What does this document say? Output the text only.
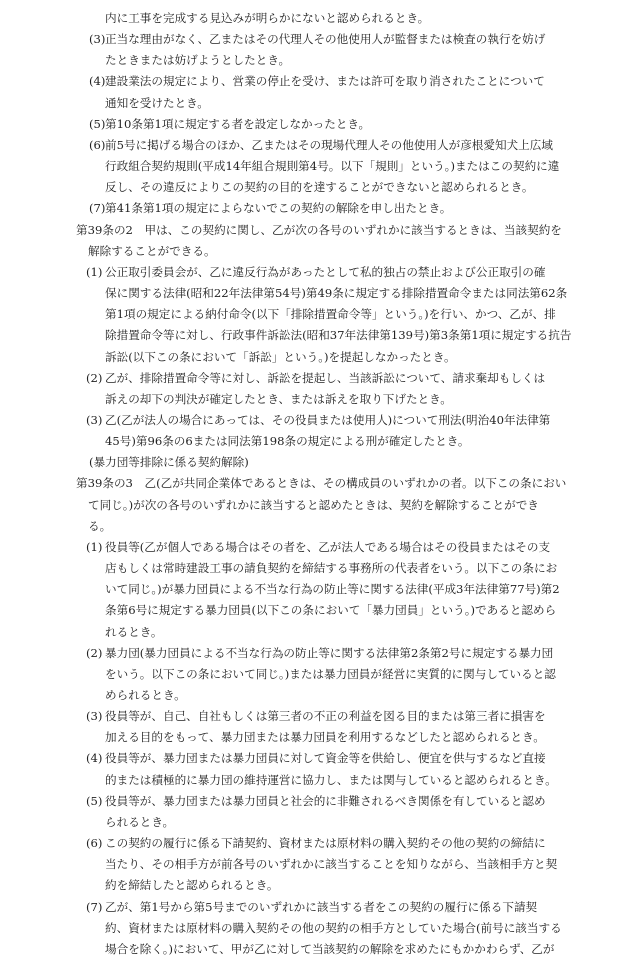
内に工事を完成する見込みが明らかにないと認められるとき。

(3) 正当な理由がなく、乙またはその代理人その他使用人が監督または検査の執行を妨げ
たときまたは妨げようとしたとき。

(4) 建設業法の規定により、営業の停止を受け、または許可を取り消されたことについて
通知を受けたとき。

(5) 第10条第1項に規定する者を設定しなかったとき。

(6) 前5号に掲げる場合のほか、乙またはその現場代理人その他使用人が彦根愛知犬上広域
行政組合契約規則(平成14年組合規則第4号。以下「規則」という。)またはこの契約に違
反し、その違反によりこの契約の目的を達することができないと認められるとき。

(7) 第41条第1項の規定によらないでこの契約の解除を申し出たとき。
第39条の2　甲は、この契約に関し、乙が次の各号のいずれかに該当するときは、当該契約を
解除することができる。

(1) 公正取引委員会が、乙に違反行為があったとして私的独占の禁止および公正取引の確
保に関する法律(昭和22年法律第54号)第49条に規定する排除措置命令または同法第62条
第1項の規定による納付命令(以下「排除措置命令等」という。)を行い、かつ、乙が、排
除措置命令等に対し、行政事件訴訟法(昭和37年法律第139号)第3条第1項に規定する抗告
訴訟(以下この条において「訴訟」という。)を提起しなかったとき。

(2) 乙が、排除措置命令等に対し、訴訟を提起し、当該訴訟について、請求棄却もしくは
訴えの却下の判決が確定したとき、または訴えを取り下げたとき。

(3) 乙(乙が法人の場合にあっては、その役員または使用人)について刑法(明治40年法律第
45号)第96条の6または同法第198条の規定による刑が確定したとき。
(暴力団等排除に係る契約解除)
第39条の3　乙(乙が共同企業体であるときは、その構成員のいずれかの者。以下この条におい
て同じ。)が次の各号のいずれかに該当すると認めたときは、契約を解除することができ
る。

(1) 役員等(乙が個人である場合はその者を、乙が法人である場合はその役員またはその支
店もしくは常時建設工事の請負契約を締結する事務所の代表者をいう。以下この条にお
いて同じ。)が暴力団員による不当な行為の防止等に関する法律(平成3年法律第77号)第2
条第6号に規定する暴力団員(以下この条において「暴力団員」という。)であると認めら
れるとき。

(2) 暴力団(暴力団員による不当な行為の防止等に関する法律第2条第2号に規定する暴力団
をいう。以下この条において同じ。)または暴力団員が経営に実質的に関与していると認
められるとき。

(3) 役員等が、自己、自社もしくは第三者の不正の利益を図る目的または第三者に損害を
加える目的をもって、暴力団または暴力団員を利用するなどしたと認められるとき。

(4) 役員等が、暴力団または暴力団員に対して資金等を供給し、便宜を供与するなど直接
的または積極的に暴力団の維持運営に協力し、または関与していると認められるとき。

(5) 役員等が、暴力団または暴力団員と社会的に非難されるべき関係を有していると認め
られるとき。

(6) この契約の履行に係る下請契約、資材または原材料の購入契約その他の契約の締結に
当たり、その相手方が前各号のいずれかに該当することを知りながら、当該相手方と契
約を締結したと認められるとき。

(7) 乙が、第1号から第5号までのいずれかに該当する者をこの契約の履行に係る下請契
約、資材または原材料の購入契約その他の契約の相手方としていた場合(前号に該当する
場合を除く。)において、甲が乙に対して当該契約の解除を求めたにもかかわらず、乙が
